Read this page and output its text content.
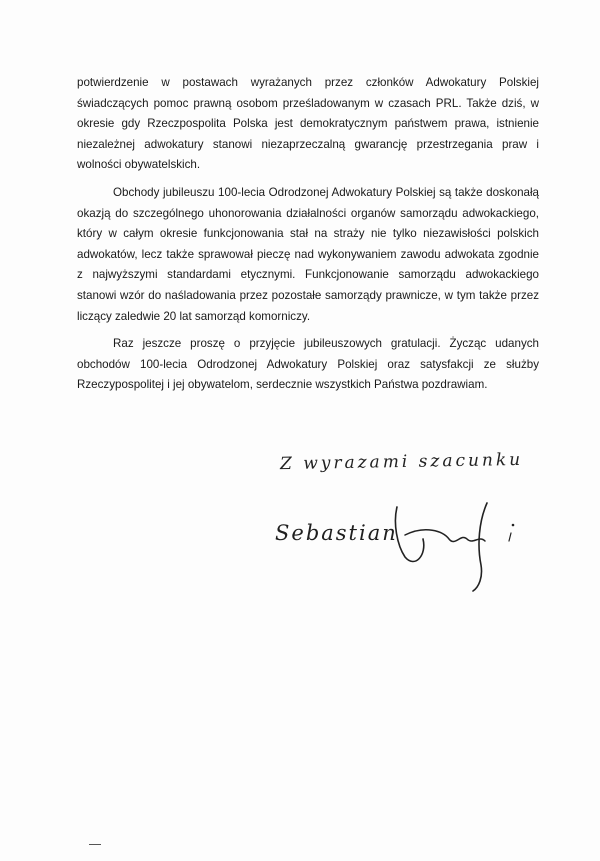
potwierdzenie w postawach wyrażanych przez członków Adwokatury Polskiej świadczących pomoc prawną osobom prześladowanym w czasach PRL. Także dziś, w okresie gdy Rzeczpospolita Polska jest demokratycznym państwem prawa, istnienie niezależnej adwokatury stanowi niezaprzeczalną gwarancję przestrzegania praw i wolności obywatelskich.

Obchody jubileuszu 100-lecia Odrodzonej Adwokatury Polskiej są także doskonałą okazją do szczególnego uhonorowania działalności organów samorządu adwokackiego, który w całym okresie funkcjonowania stał na straży nie tylko niezawisłości polskich adwokatów, lecz także sprawował pieczę nad wykonywaniem zawodu adwokata zgodnie z najwyższymi standardami etycznymi. Funkcjonowanie samorządu adwokackiego stanowi wzór do naśladowania przez pozostałe samorządy prawnicze, w tym także przez liczący zaledwie 20 lat samorząd komorniczy.

Raz jeszcze proszę o przyjęcie jubileuszowych gratulacji. Życząc udanych obchodów 100-lecia Odrodzonej Adwokatury Polskiej oraz satysfakcji ze służby Rzeczypospolitej i jej obywatelom, serdecznie wszystkich Państwa pozdrawiam.

Z wyrazami szacunku
Sebastian
